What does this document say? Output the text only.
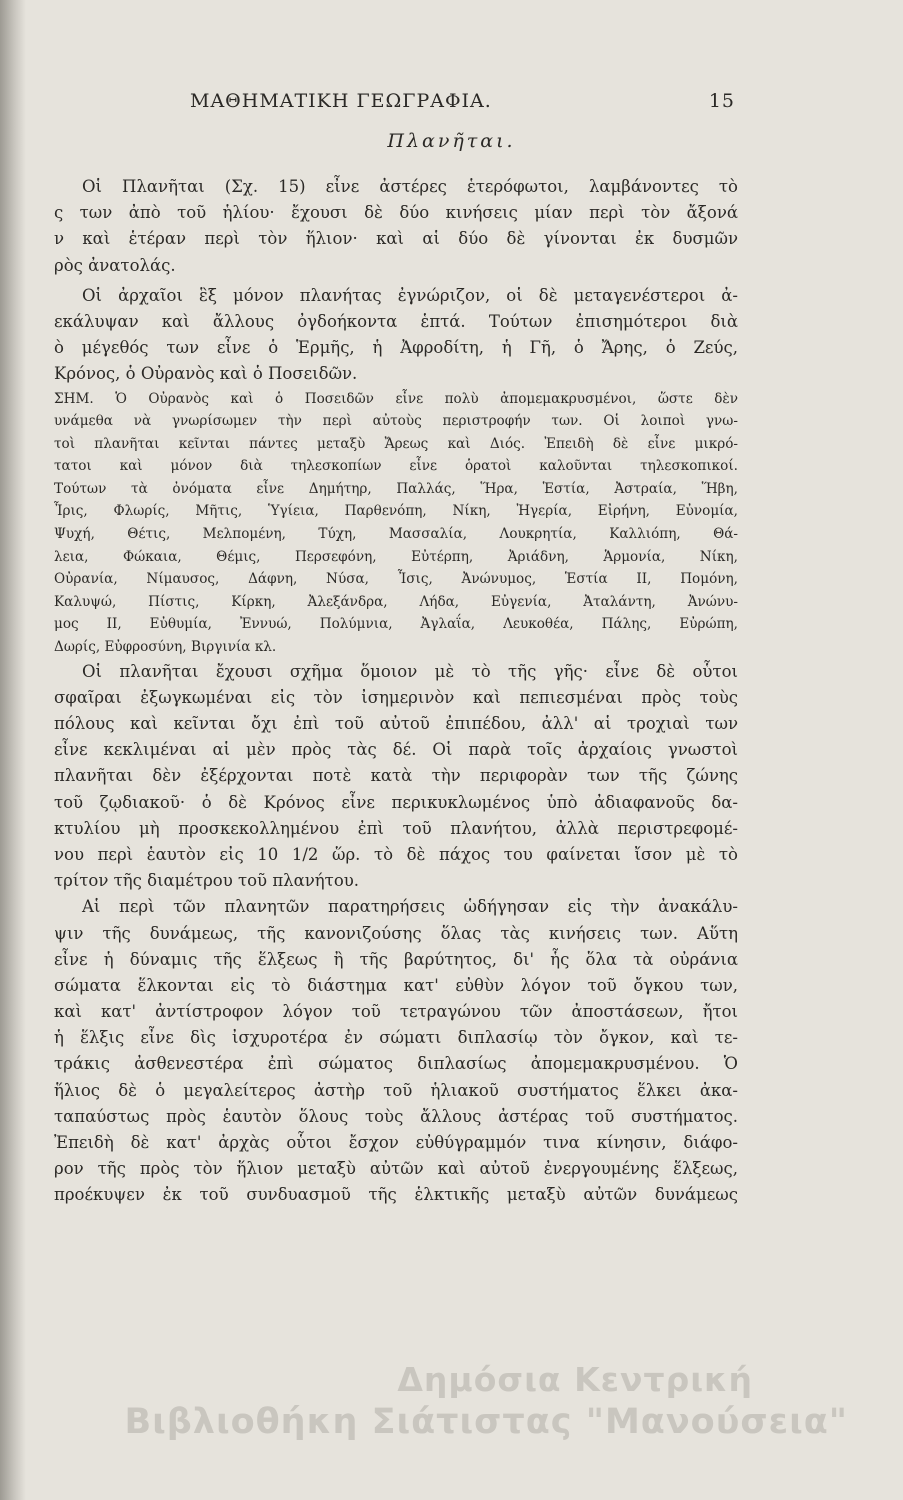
ΜΑΘΗΜΑΤΙΚΗ ΓΕΩΓΡΑΦΙΑ.	15
Πλανῆται.
Οἱ Πλανῆται (Σχ. 15) εἶνε ἀστέρες ἑτερόφωτοι, λαμβάνοντες τὸ
ς των ἀπὸ τοῦ ἡλίου· ἔχουσι δὲ δύο κινήσεις μίαν περὶ τὸν ἄξονά
ν καὶ ἑτέραν περὶ τὸν ἥλιον· καὶ αἱ δύο δὲ γίνονται ἐκ δυσμῶν
ρὸς ἀνατολάς.
Οἱ ἀρχαῖοι ἓξ μόνον πλανήτας ἐγνώριζον, οἱ δὲ μεταγενέστεροι ἀ-
εκάλυψαν καὶ ἄλλους ὀγδοήκοντα ἑπτά. Τούτων ἐπισημότεροι διὰ
ὸ μέγεθός των εἶνε ὁ Ἑρμῆς, ἡ Ἀφροδίτη, ἡ Γῆ, ὁ Ἄρης, ὁ Ζεύς,
Κρόνος, ὁ Οὐρανὸς καὶ ὁ Ποσειδῶν.
ΣΗΜ. Ὁ Οὐρανὸς καὶ ὁ Ποσειδῶν εἶνε πολὺ ἀπομεμακρυσμένοι, ὥστε δὲν
υνάμεθα νὰ γνωρίσωμεν τὴν περὶ αὐτοὺς περιστροφήν των. Οἱ λοιποὶ γνω-
τοὶ πλανῆται κεῖνται πάντες μεταξὺ Ἄρεως καὶ Διός. Ἐπειδὴ δὲ εἶνε μικρό-
τατοι καὶ μόνον διὰ τηλεσκοπίων εἶνε ὁρατοὶ καλοῦνται τηλεσκοπικοί.
Τούτων τὰ ὀνόματα εἶνε Δημήτηρ, Παλλάς, Ἥρα, Ἑστία, Ἀστραία, Ἥβη,
Ἶρις, Φλωρίς, Μῆτις, Ὑγίεια, Παρθενόπη, Νίκη, Ἠγερία, Εἰρήνη, Εὐνομία,
Ψυχή, Θέτις, Μελπομένη, Τύχη, Μασσαλία, Λουκρητία, Καλλιόπη, Θά-
λεια, Φώκαια, Θέμις, Περσεφόνη, Εὐτέρπη, Ἀριάδνη, Ἁρμονία, Νίκη,
Οὐρανία, Νίμαυσος, Δάφνη, Νύσα, Ἶσις, Ἀνώνυμος, Ἑστία ΙΙ, Πομόνη,
Καλυψώ, Πίστις, Κίρκη, Ἀλεξάνδρα, Λήδα, Εὐγενία, Ἀταλάντη, Ἀνώνυ-
μος ΙΙ, Εὐθυμία, Ἐννυώ, Πολύμνια, Ἀγλαΐα, Λευκοθέα, Πάλης, Εὐρώπη,
Δωρίς, Εὐφροσύνη, Βιργινία κλ.
Οἱ πλανῆται ἔχουσι σχῆμα ὅμοιον μὲ τὸ τῆς γῆς· εἶνε δὲ οὗτοι
σφαῖραι ἐξωγκωμέναι εἰς τὸν ἰσημερινὸν καὶ πεπιεσμέναι πρὸς τοὺς
πόλους καὶ κεῖνται ὄχι ἐπὶ τοῦ αὐτοῦ ἐπιπέδου, ἀλλ' αἱ τροχιαὶ των
εἶνε κεκλιμέναι αἱ μὲν πρὸς τὰς δέ. Οἱ παρὰ τοῖς ἀρχαίοις γνωστοὶ
πλανῆται δὲν ἐξέρχονται ποτὲ κατὰ τὴν περιφορὰν των τῆς ζώνης
τοῦ ζῳδιακοῦ· ὁ δὲ Κρόνος εἶνε περικυκλωμένος ὑπὸ ἀδιαφανοῦς δα-
κτυλίου μὴ προσκεκολλημένου ἐπὶ τοῦ πλανήτου, ἀλλὰ περιστρεφομέ-
νου περὶ ἑαυτὸν εἰς 10 1/2 ὥρ. τὸ δὲ πάχος του φαίνεται ἴσον μὲ τὸ
τρίτον τῆς διαμέτρου τοῦ πλανήτου.
Αἱ περὶ τῶν πλανητῶν παρατηρήσεις ὡδήγησαν εἰς τὴν ἀνακάλυ-
ψιν τῆς δυνάμεως, τῆς κανονιζούσης ὅλας τὰς κινήσεις των. Αὕτη
εἶνε ἡ δύναμις τῆς ἕλξεως ἢ τῆς βαρύτητος, δι' ἧς ὅλα τὰ οὐράνια
σώματα ἕλκονται εἰς τὸ διάστημα κατ' εὐθὺν λόγον τοῦ ὄγκου των,
καὶ κατ' ἀντίστροφον λόγον τοῦ τετραγώνου τῶν ἀποστάσεων, ἤτοι
ἡ ἕλξις εἶνε δὶς ἰσχυροτέρα ἐν σώματι διπλασίῳ τὸν ὄγκον, καὶ τε-
τράκις ἀσθενεστέρα ἐπὶ σώματος διπλασίως ἀπομεμακρυσμένου. Ὁ
ἥλιος δὲ ὁ μεγαλείτερος ἀστὴρ τοῦ ἡλιακοῦ συστήματος ἕλκει ἀκα-
ταπαύστως πρὸς ἑαυτὸν ὅλους τοὺς ἄλλους ἀστέρας τοῦ συστήματος.
Ἐπειδὴ δὲ κατ' ἀρχὰς οὗτοι ἔσχον εὐθύγραμμόν τινα κίνησιν, διάφο-
ρον τῆς πρὸς τὸν ἥλιον μεταξὺ αὐτῶν καὶ αὐτοῦ ἐνεργουμένης ἕλξεως,
προέκυψεν ἐκ τοῦ συνδυασμοῦ τῆς ἑλκτικῆς μεταξὺ αὐτῶν δυνάμεως
Δημόσια Κεντρική
Βιβλιοθήκη Σιάτιστας "Μανούσεια"
